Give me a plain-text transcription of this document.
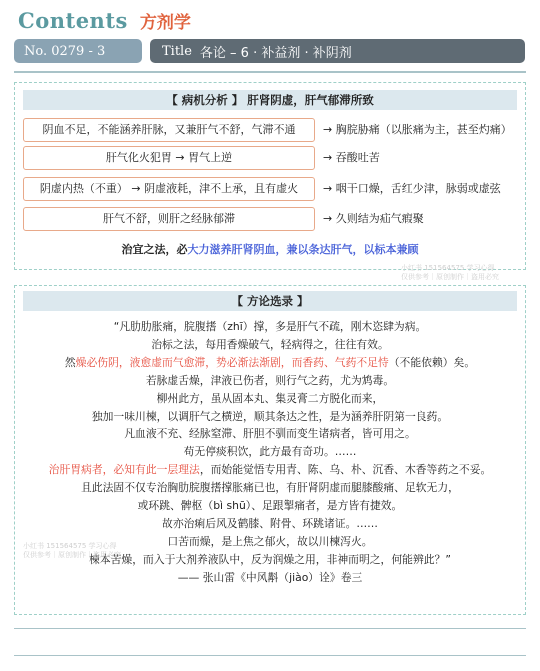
Contents 方剂学
No. 0279 - 3	Title 各论 – 6 · 补益剂 · 补阴剂
【 病机分析 】 肝肾阴虚，肝气郁滞所致
阴血不足，不能涵养肝脉，又兼肝气不舒，气滞不通	→ 胸脘胁痛（以胀痛为主，甚至灼痛）
肝气化火犯胃 → 胃气上逆	→ 吞酸吐苦
阴虚内热（不重） → 阴虚液耗，津不上承，且有虚火	→ 咽干口燥，舌红少津，脉弱或虚弦
肝气不舒，则肝之经脉郁滞	→ 久则结为疝气瘕聚
治宜之法，必大力滋养肝肾阴血，兼以条达肝气，以标本兼顾
小红书 151564575 学习心得
仅供参考｜原创制作｜盗用必究
【 方论选录 】
“凡肋肋胀痛，脘腹搘（zhī）撑，多是肝气不疏，刚木恣肆为病。
治标之法，每用香燥破气，轻病得之，往往有效。
然燥必伤阴，液愈虚而气愈滞，势必渐法渐剧，而香药、气药不足恃（不能依赖）矣。
若脉虚舌燥，津液已伤者，则行气之药，尤为鸩毒。
柳州此方，虽从固本丸、集灵膏二方脱化而来，
独加一味川楝，以调肝气之横逆，顺其条达之性，是为涵养肝阴第一良药。
凡血液不充、经脉窒滞、肝胆不驯而变生诸病者，皆可用之。
苟无停痰积饮，此方最有奇功。……
治肝胃病者，必知有此一层理法，而始能觉悟专用青、陈、乌、朴、沉香、木香等药之不妥。
且此法固不仅专治胸肋脘腹搘撑胀痛已也，有肝肾阴虚而腿膝酸痛、足软无力，
或环跳、髀枢（bì shū）、足跟掣痛者，是方皆有捷效。
故亦治痢后风及鹤膝、附骨、环跳诸证。……
口苦而燥，是上焦之郁火，故以川楝泻火。
楝本苦燥，而入于大剂养液队中，反为润燥之用，非神而明之，何能辨此？”
—— 张山雷《中风斠（jiào）诠》卷三
小红书 151564575 学习心得
仅供参考｜原创制作｜盗用必究
